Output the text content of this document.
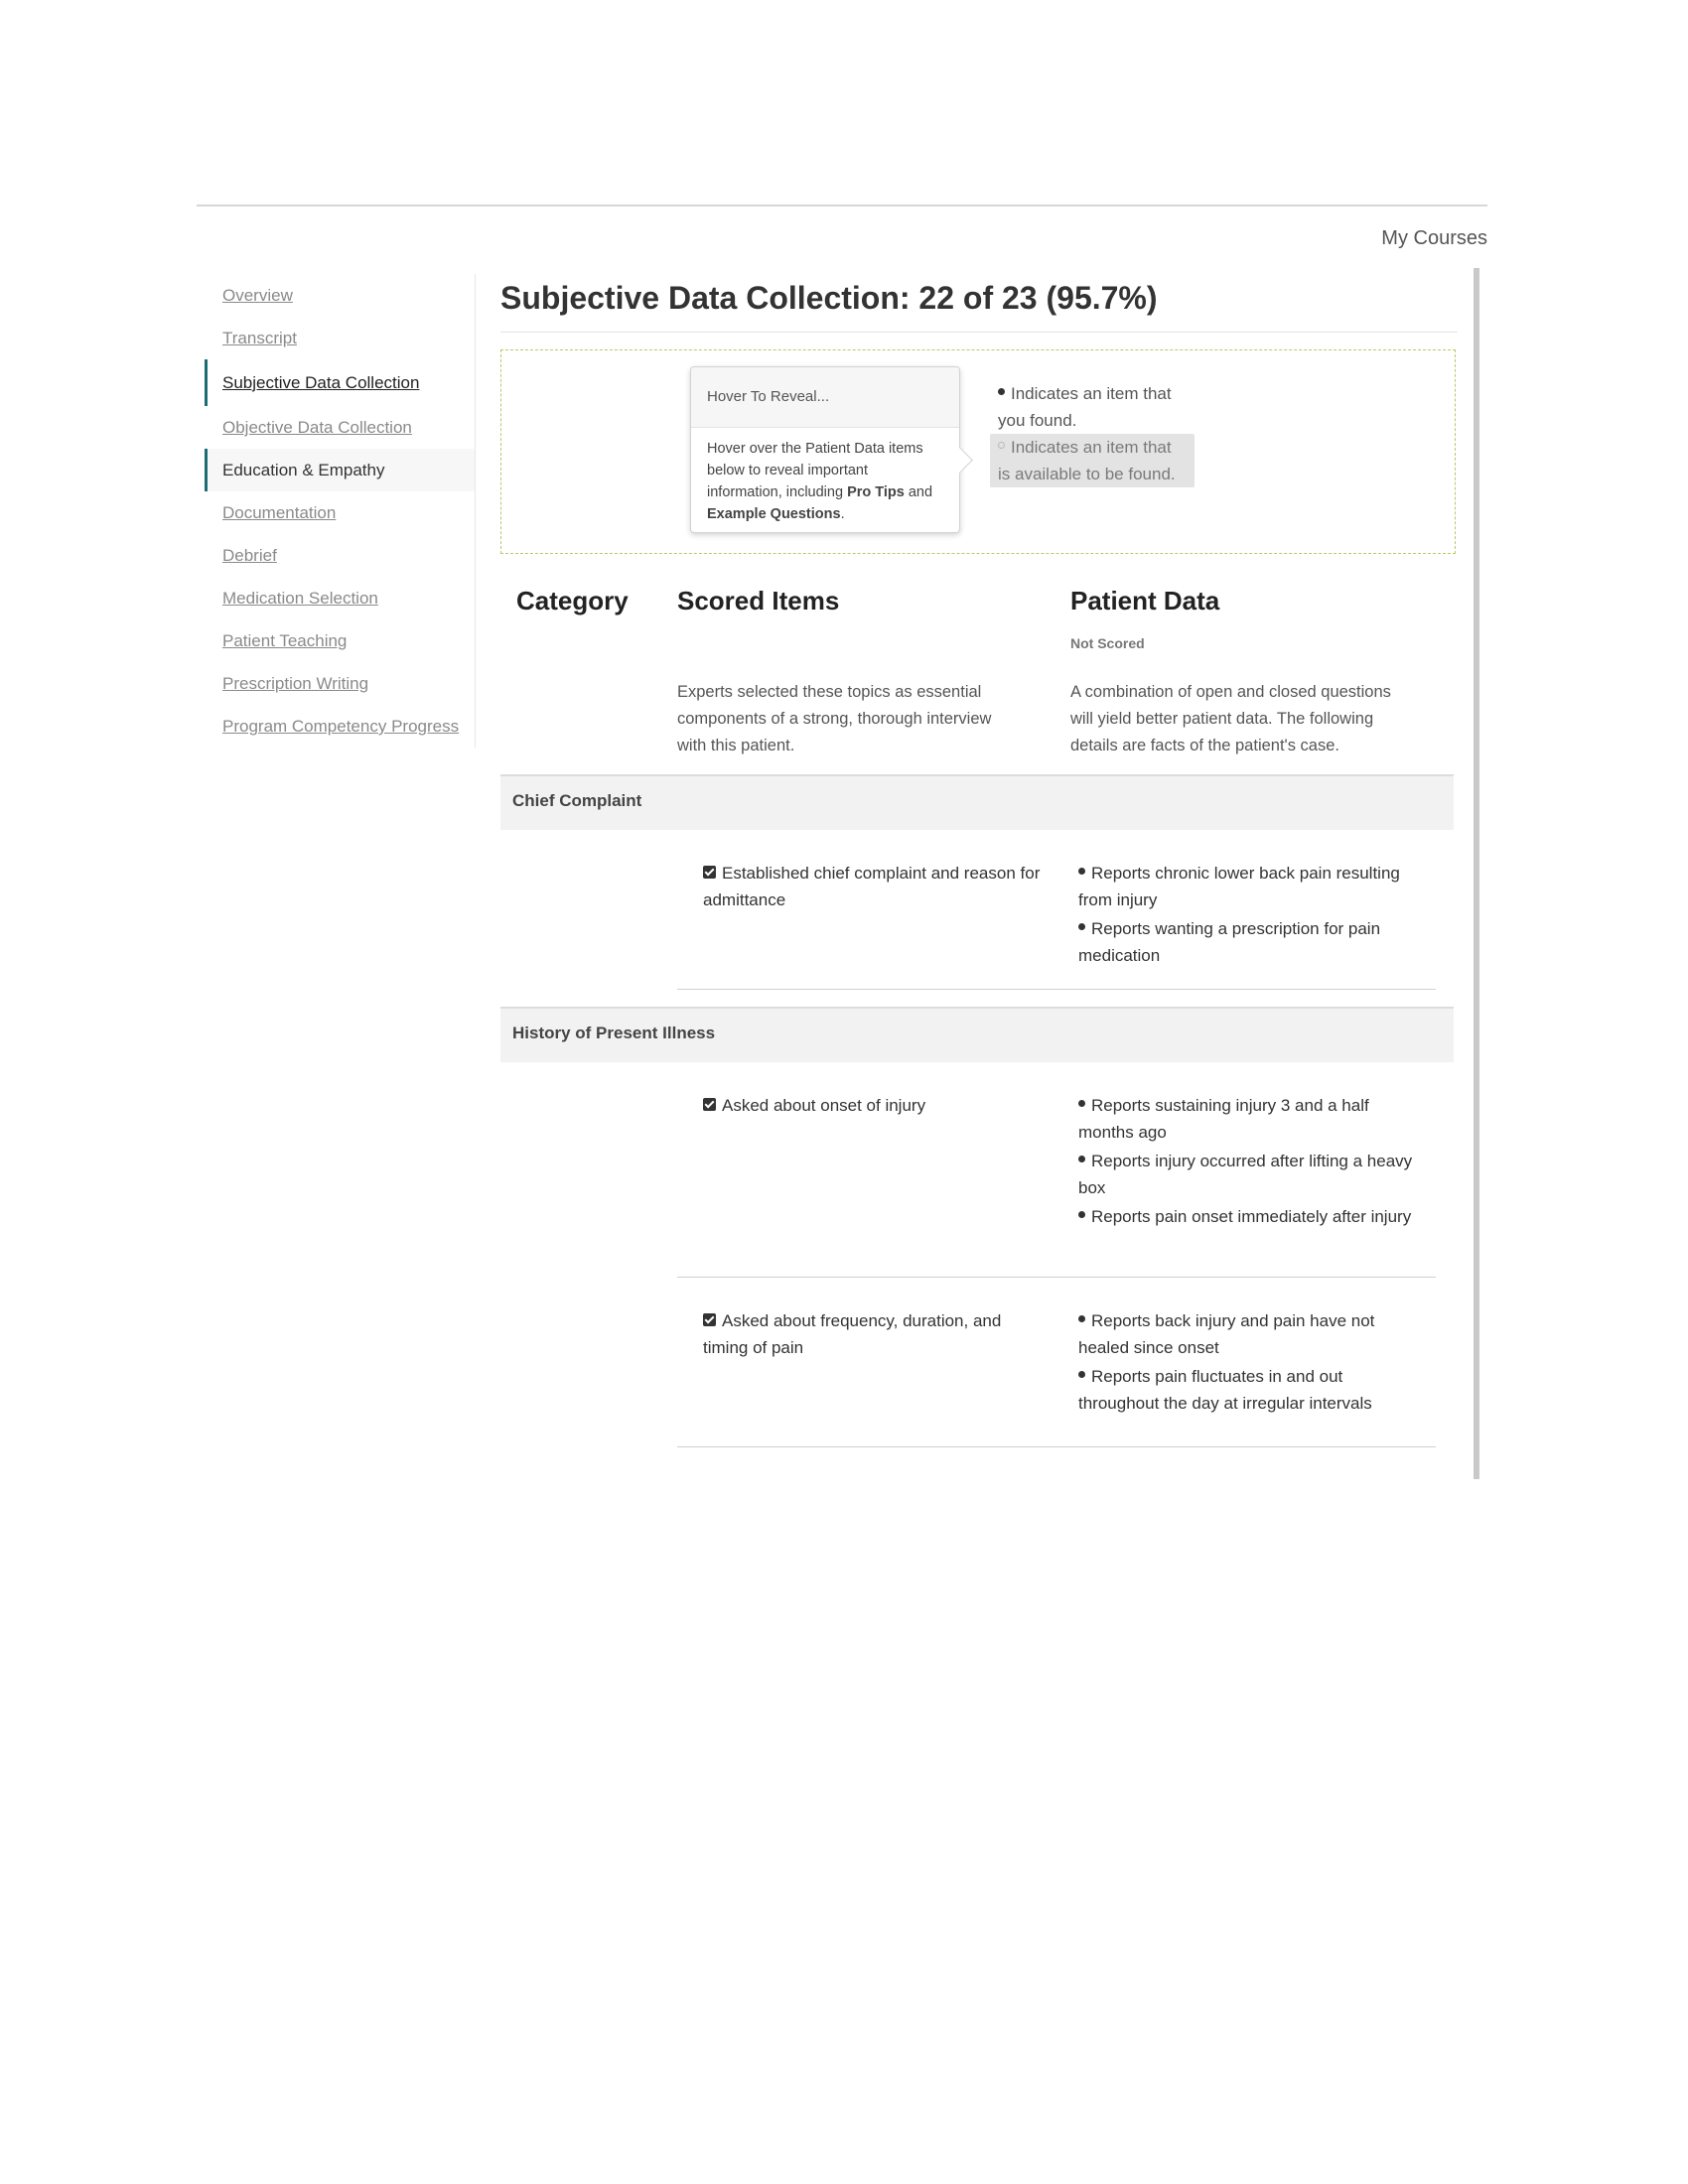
My Courses
Overview
Transcript
Subjective Data Collection
Objective Data Collection
Education & Empathy
Documentation
Debrief
Medication Selection
Patient Teaching
Prescription Writing
Program Competency Progress
Subjective Data Collection: 22 of 23 (95.7%)
Hover To Reveal...
Hover over the Patient Data items below to reveal important information, including Pro Tips and Example Questions.
Indicates an item that you found.
Indicates an item that is available to be found.
Category Scored Items	Patient Data
Not Scored
Experts selected these topics as essential components of a strong, thorough interview with this patient.
A combination of open and closed questions will yield better patient data. The following details are facts of the patient's case.
Chief Complaint
Established chief complaint and reason for admittance
Reports chronic lower back pain resulting from injury
Reports wanting a prescription for pain medication
History of Present Illness
Asked about onset of injury	Reports sustaining injury 3 and a half months ago
Reports injury occurred after lifting a heavy box
Reports pain onset immediately after injury
Asked about frequency, duration, and timing of pain
Reports back injury and pain have not healed since onset
Reports pain fluctuates in and out throughout the day at irregular intervals
